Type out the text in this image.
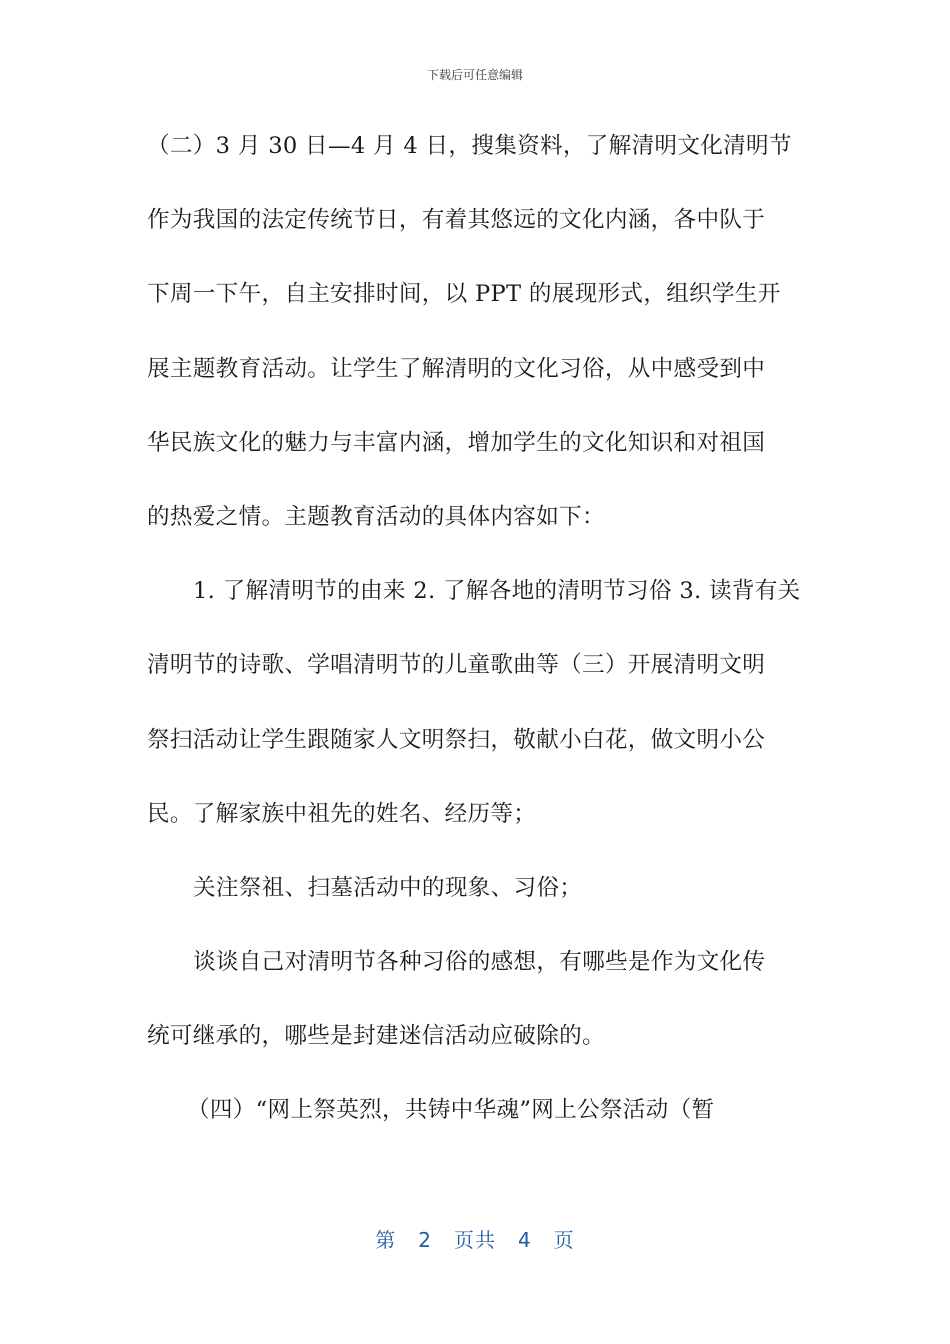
下载后可任意编辑
（二）3 月 30 日—4 月 4 日，搜集资料，了解清明文化清明节
作为我国的法定传统节日，有着其悠远的文化内涵，各中队于
下周一下午，自主安排时间，以 PPT 的展现形式，组织学生开
展主题教育活动。让学生了解清明的文化习俗，从中感受到中
华民族文化的魅力与丰富内涵，增加学生的文化知识和对祖国
的热爱之情。主题教育活动的具体内容如下：
1. 了解清明节的由来 2. 了解各地的清明节习俗 3. 读背有关
清明节的诗歌、学唱清明节的儿童歌曲等（三）开展清明文明
祭扫活动让学生跟随家人文明祭扫，敬献小白花，做文明小公
民。了解家族中祖先的姓名、经历等；
关注祭祖、扫墓活动中的现象、习俗；
谈谈自己对清明节各种习俗的感想，有哪些是作为文化传
统可继承的，哪些是封建迷信活动应破除的。
（四）“网上祭英烈，共铸中华魂”网上公祭活动（暂
第 2 页共 4 页
